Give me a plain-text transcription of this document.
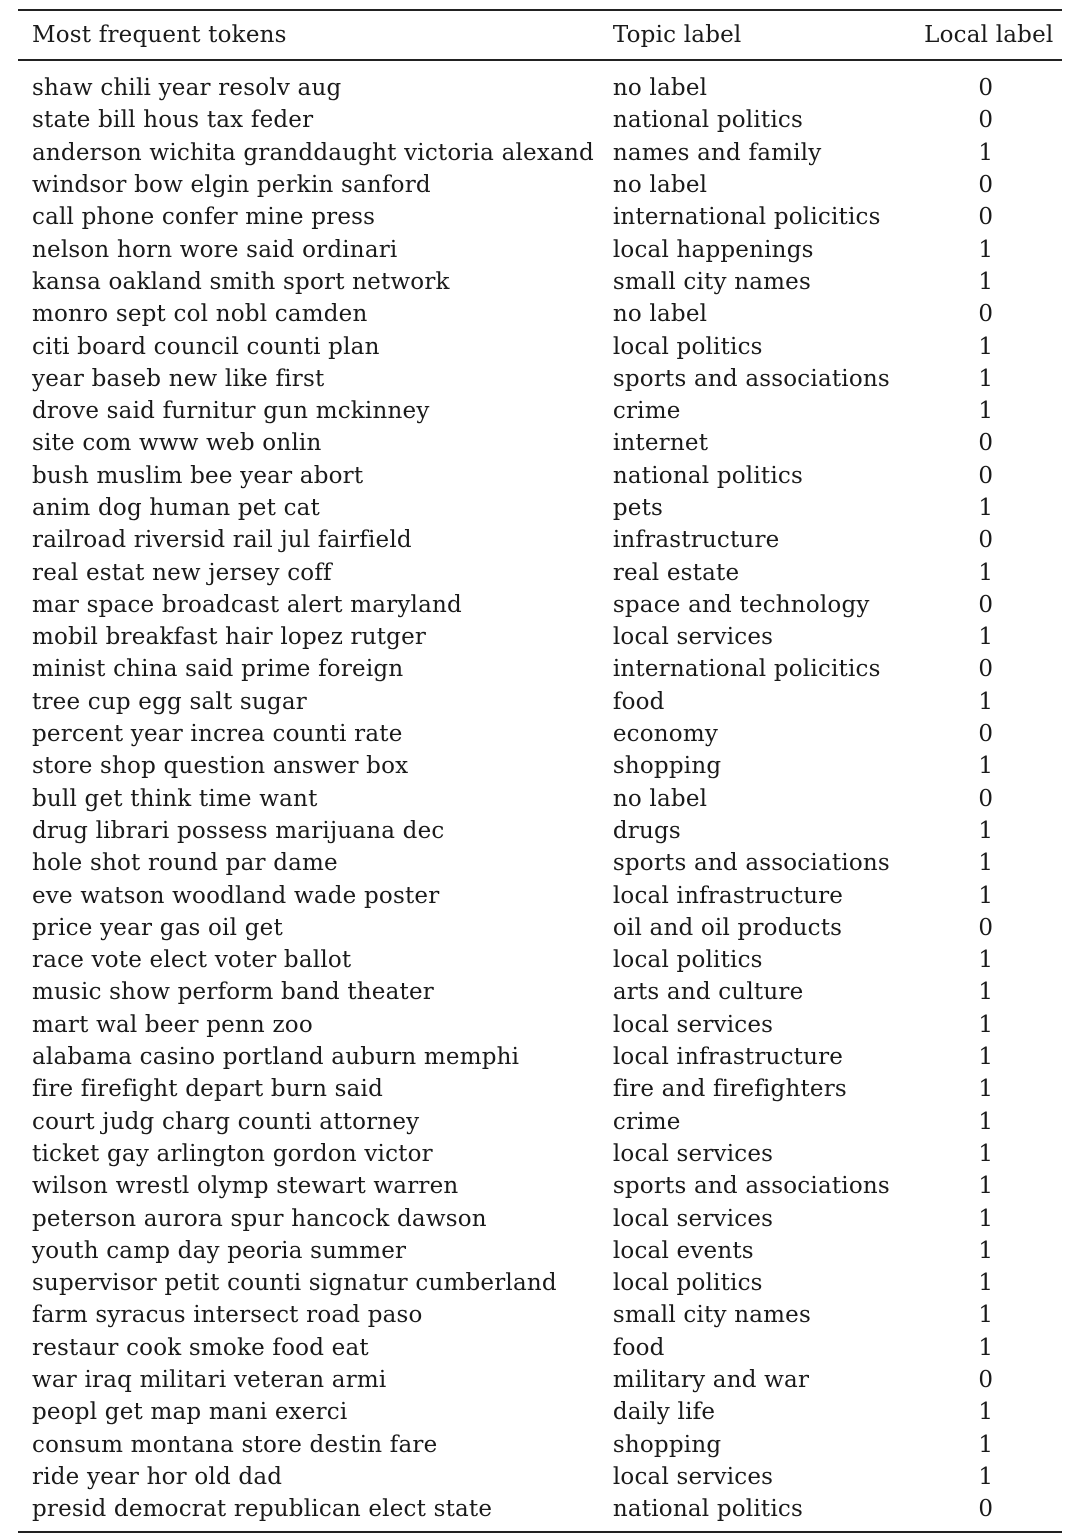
Most frequent tokens	Topic label	Local label
shaw chili year resolv aug	no label	0
state bill hous tax feder	national politics	0
anderson wichita granddaught victoria alexand	names and family	1
windsor bow elgin perkin sanford	no label	0
call phone confer mine press	international policitics	0
nelson horn wore said ordinari	local happenings	1
kansa oakland smith sport network	small city names	1
monro sept col nobl camden	no label	0
citi board council counti plan	local politics	1
year baseb new like first	sports and associations	1
drove said furnitur gun mckinney	crime	1
site com www web onlin	internet	0
bush muslim bee year abort	national politics	0
anim dog human pet cat	pets	1
railroad riversid rail jul fairfield	infrastructure	0
real estat new jersey coff	real estate	1
mar space broadcast alert maryland	space and technology	0
mobil breakfast hair lopez rutger	local services	1
minist china said prime foreign	international policitics	0
tree cup egg salt sugar	food	1
percent year increa counti rate	economy	0
store shop question answer box	shopping	1
bull get think time want	no label	0
drug librari possess marijuana dec	drugs	1
hole shot round par dame	sports and associations	1
eve watson woodland wade poster	local infrastructure	1
price year gas oil get	oil and oil products	0
race vote elect voter ballot	local politics	1
music show perform band theater	arts and culture	1
mart wal beer penn zoo	local services	1
alabama casino portland auburn memphi	local infrastructure	1
fire firefight depart burn said	fire and firefighters	1
court judg charg counti attorney	crime	1
ticket gay arlington gordon victor	local services	1
wilson wrestl olymp stewart warren	sports and associations	1
peterson aurora spur hancock dawson	local services	1
youth camp day peoria summer	local events	1
supervisor petit counti signatur cumberland	local politics	1
farm syracus intersect road paso	small city names	1
restaur cook smoke food eat	food	1
war iraq militari veteran armi	military and war	0
peopl get map mani exerci	daily life	1
consum montana store destin fare	shopping	1
ride year hor old dad	local services	1
presid democrat republican elect state	national politics	0
